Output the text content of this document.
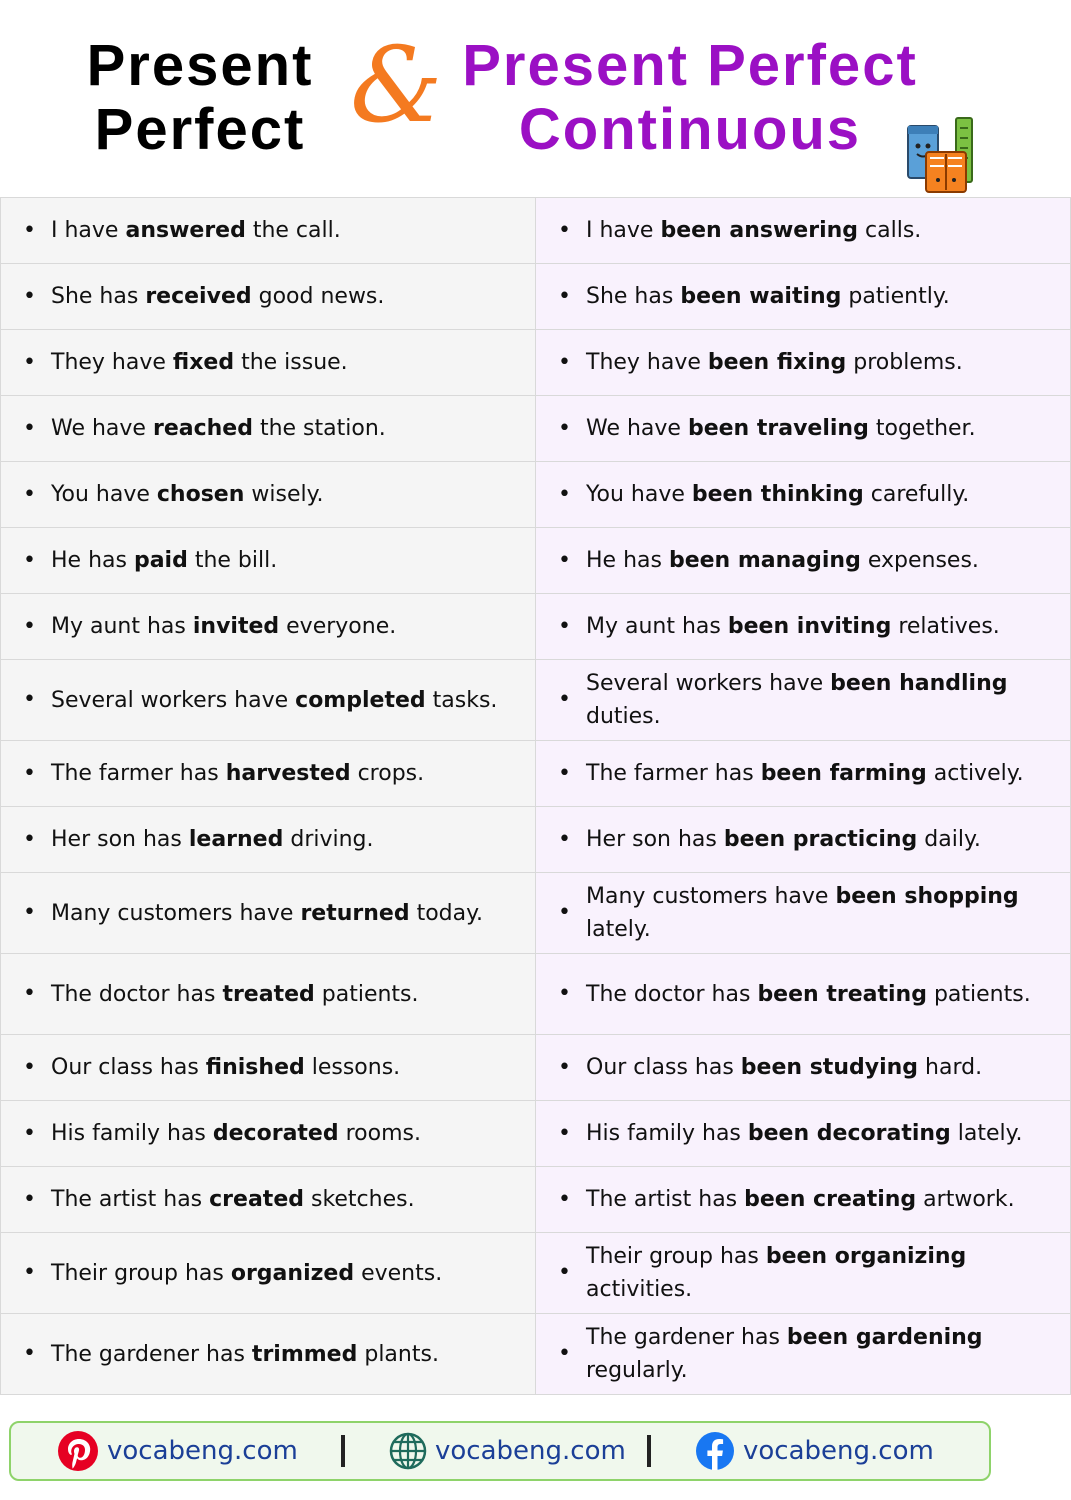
Present
Perfect & Present Perfect
Continuous
• I have answered the call.	• I have been answering calls.

• She has received good news.	• She has been waiting patiently.

• They have fixed the issue.	• They have been fixing problems.

• We have reached the station.	• We have been traveling together.

• You have chosen wisely.	• You have been thinking carefully.

• He has paid the bill.	• He has been managing expenses.

• My aunt has invited everyone.	• My aunt has been inviting relatives.

• Several workers have completed tasks.	• Several workers have been handling duties.

• The farmer has harvested crops.	• The farmer has been farming actively.

• Her son has learned driving.	• Her son has been practicing daily.

• Many customers have returned today.	• Many customers have been shopping lately.

• The doctor has treated patients.	• The doctor has been treating patients.

• Our class has finished lessons.	• Our class has been studying hard.

• His family has decorated rooms.	• His family has been decorating lately.

• The artist has created sketches.	• The artist has been creating artwork.

• Their group has organized events.	• Their group has been organizing activities.

• The gardener has trimmed plants.	• The gardener has been gardening regularly.
vocabeng.com	vocabeng.com	vocabeng.com
